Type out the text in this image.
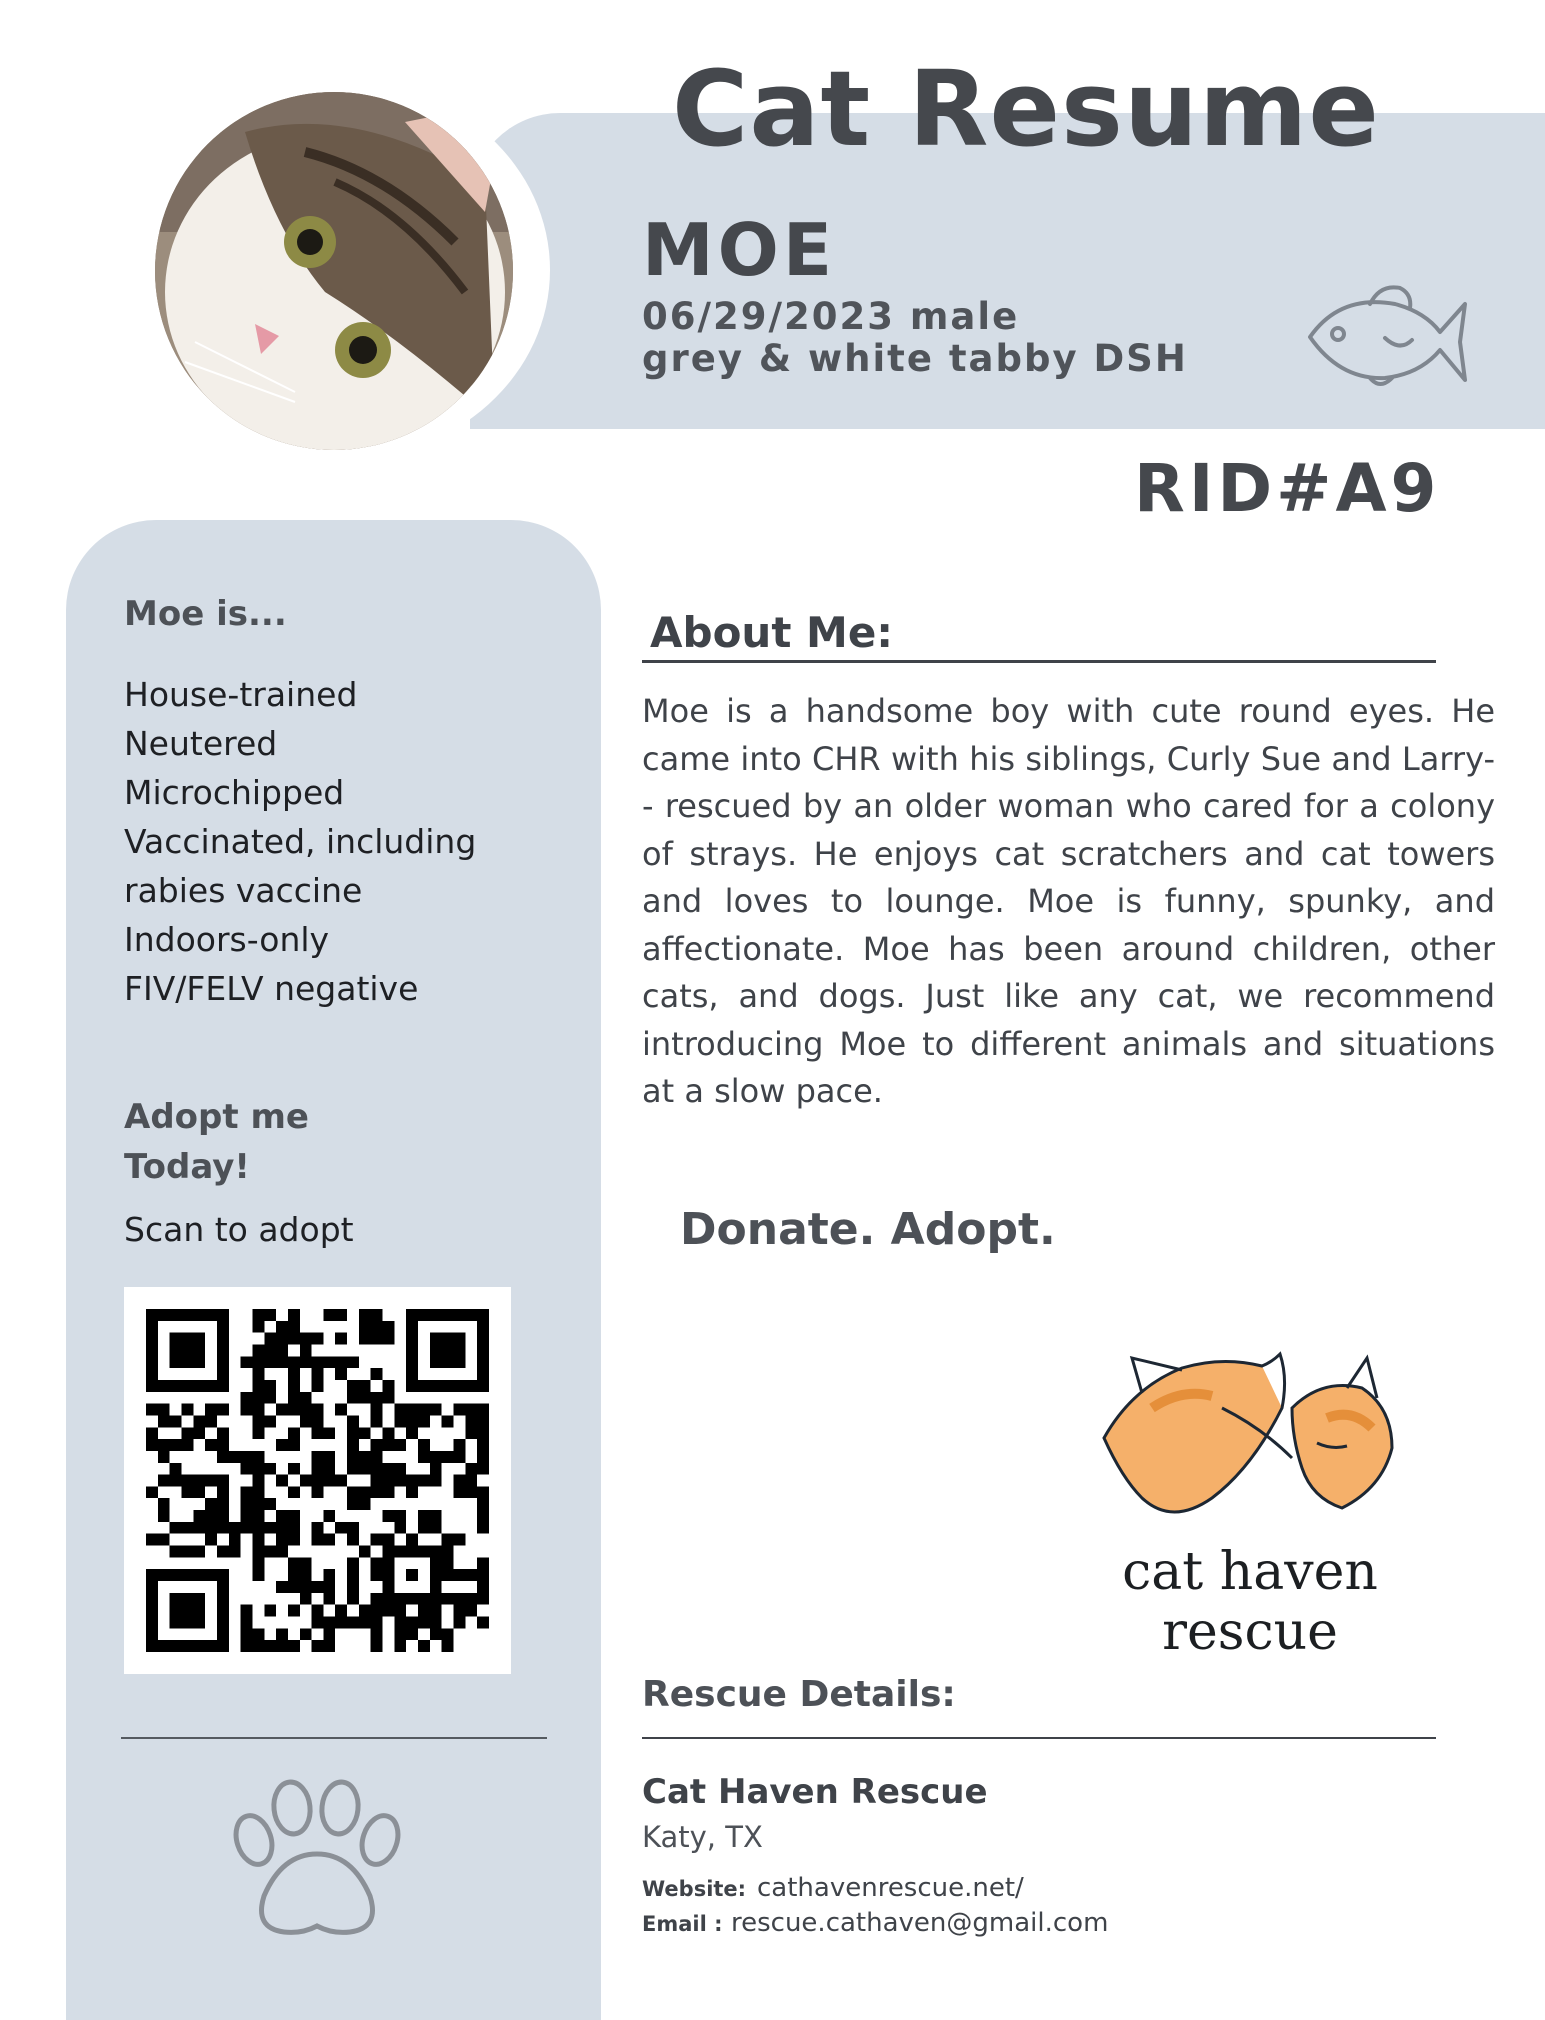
Cat Resume
MOE
06/29/2023 male
grey & white tabby DSH
RID#A9
Moe is...
House-trained
Neutered
Microchipped
Vaccinated, including
rabies vaccine
Indoors-only
FIV/FELV negative
Adopt me
Today!
Scan to adopt
About Me:
Moe is a handsome boy with cute round eyes. He came into CHR with his siblings, Curly Sue and Larry-- rescued by an older woman who cared for a colony of strays. He enjoys cat scratchers and cat towers and loves to lounge. Moe is funny, spunky, and affectionate. Moe has been around children, other cats, and dogs. Just like any cat, we recommend introducing Moe to different animals and situations at a slow pace.
Donate. Adopt.
cat haven
rescue
Rescue Details:
Cat Haven Rescue
Katy, TX
Website: cathavenrescue.net/
Email : rescue.cathaven@gmail.com
